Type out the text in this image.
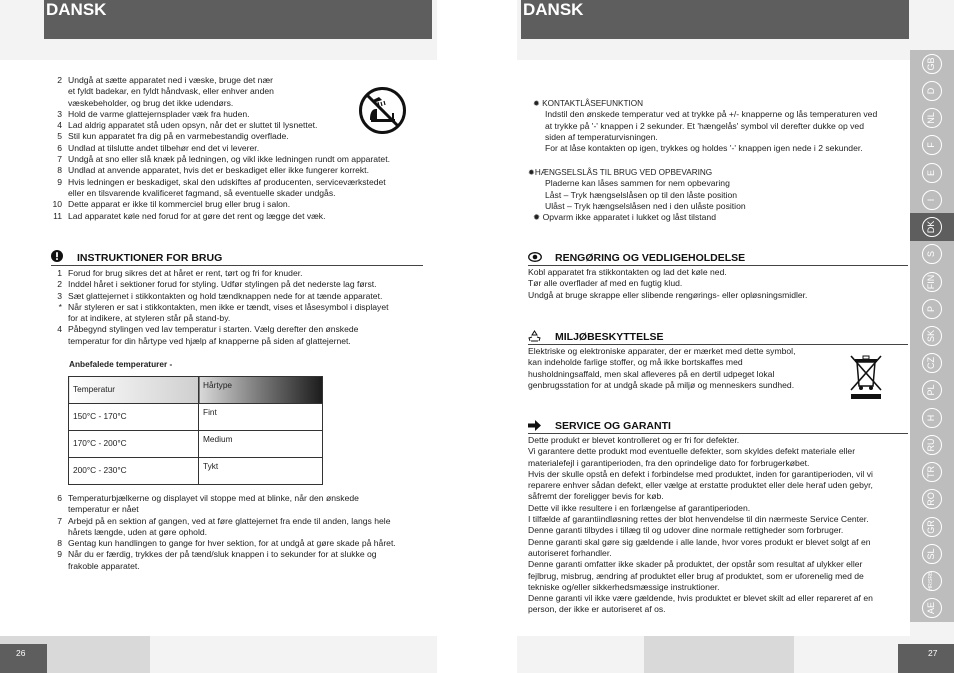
DANSK	DANSK
26	27
2 Undgå at sætte apparatet ned i væske, bruge det nær
et fyldt badekar, en fyldt håndvask, eller enhver anden
væskebeholder, og brug det ikke udendørs.
3 Hold de varme glattejernsplader væk fra huden.
4 Lad aldrig apparatet stå uden opsyn, når det er sluttet til lysnettet.
5 Stil kun apparatet fra dig på en varmebestandig overflade.
6 Undlad at tilslutte andet tilbehør end det vi leverer.
7 Undgå at sno eller slå knæk på ledningen, og vikl ikke ledningen rundt om apparatet.
8 Undlad at anvende apparatet, hvis det er beskadiget eller ikke fungerer korrekt.
9 Hvis ledningen er beskadiget, skal den udskiftes af producenten, serviceværkstedet
eller en tilsvarende kvalificeret fagmand, så eventuelle skader undgås.
10 Dette apparat er ikke til kommerciel brug eller brug i salon.
11 Lad apparatet køle ned forud for at gøre det rent og lægge det væk.
INSTRUKTIONER FOR BRUG
1 Forud for brug sikres det at håret er rent, tørt og fri for knuder.
2 Inddel håret i sektioner forud for styling. Udfør stylingen på det nederste lag først.
3 Sæt glattejernet i stikkontakten og hold tændknappen nede for at tænde apparatet.
* Når styleren er sat i stikkontakten, men ikke er tændt, vises et låsesymbol i displayet
for at indikere, at styleren står på stand-by.
4 Påbegynd stylingen ved lav temperatur i starten. Vælg derefter den ønskede
temperatur for din hårtype ved hjælp af knapperne på siden af glattejernet.
Anbefalede temperaturer -
Temperatur	Hårtype
150°C - 170°C	Fint
170°C - 200°C	Medium
200°C - 230°C	Tykt
6 Temperaturbjælkerne og displayet vil stoppe med at blinke, når den ønskede
temperatur er nået
7 Arbejd på en sektion af gangen, ved at føre glattejernet fra ende til anden, langs hele
hårets længde, uden at gøre ophold.
8 Gentag kun handlingen to gange for hver sektion, for at undgå at gøre skade på håret.
9 Når du er færdig, trykkes der på tænd/sluk knappen i to sekunder for at slukke og
frakoble apparatet.
✹ KONTAKTLÅSEFUNKTION
Indstil den ønskede temperatur ved at trykke på +/- knapperne og lås temperaturen ved
at trykke på '-' knappen i 2 sekunder. Et 'hængelås' symbol vil derefter dukke op ved
siden af temperaturvisningen.
For at låse kontakten op igen, trykkes og holdes '-' knappen igen nede i 2 sekunder.
✹HÆNGSELSLÅS TIL BRUG VED OPBEVARING
Pladerne kan låses sammen for nem opbevaring
Låst – Tryk hængselslåsen op til den låste position
Ulåst – Tryk hængselslåsen ned i den ulåste position
✹ Opvarm ikke apparatet i lukket og låst tilstand
RENGØRING OG VEDLIGEHOLDELSE
Kobl apparatet fra stikkontakten og lad det køle ned.
Tør alle overflader af med en fugtig klud.
Undgå at bruge skrappe eller slibende rengørings- eller opløsningsmidler.
MILJØBESKYTTELSE
Elektriske og elektroniske apparater, der er mærket med dette symbol,
kan indeholde farlige stoffer, og må ikke bortskaffes med
husholdningsaffald, men skal afleveres på en dertil udpeget lokal
genbrugsstation for at undgå skade på miljø og menneskers sundhed.
SERVICE OG GARANTI
Dette produkt er blevet kontrolleret og er fri for defekter.
Vi garantere dette produkt mod eventuelle defekter, som skyldes defekt materiale eller
materialefejl i garantiperioden, fra den oprindelige dato for forbrugerkøbet.
Hvis der skulle opstå en defekt i forbindelse med produktet, inden for garantiperioden, vil vi
reparere enhver sådan defekt, eller vælge at erstatte produktet eller dele heraf uden gebyr,
såfremt der foreligger bevis for køb.
Dette vil ikke resultere i en forlængelse af garantiperioden.
I tilfælde af garantiindløsning rettes der blot henvendelse til din nærmeste Service Center.
Denne garanti tilbydes i tillæg til og udover dine normale rettigheder som forbruger.
Denne garanti skal gøre sig gældende i alle lande, hvor vores produkt er blevet solgt af en
autoriseret forhandler.
Denne garanti omfatter ikke skader på produktet, der opstår som resultat af ulykker eller
fejlbrug, misbrug, ændring af produktet eller brug af produktet, som er uforenelig med de
tekniske og/eller sikkerhedsmæssige instruktioner.
Denne garanti vil ikke være gældende, hvis produktet er blevet skilt ad eller repareret af en
person, der ikke er autoriseret af os.
GB
D
NL
F
E
I
DK
S
FIN
P
SK
CZ
PL
H
RU
TR
RO
GR
SL
HR/SRB
AE
